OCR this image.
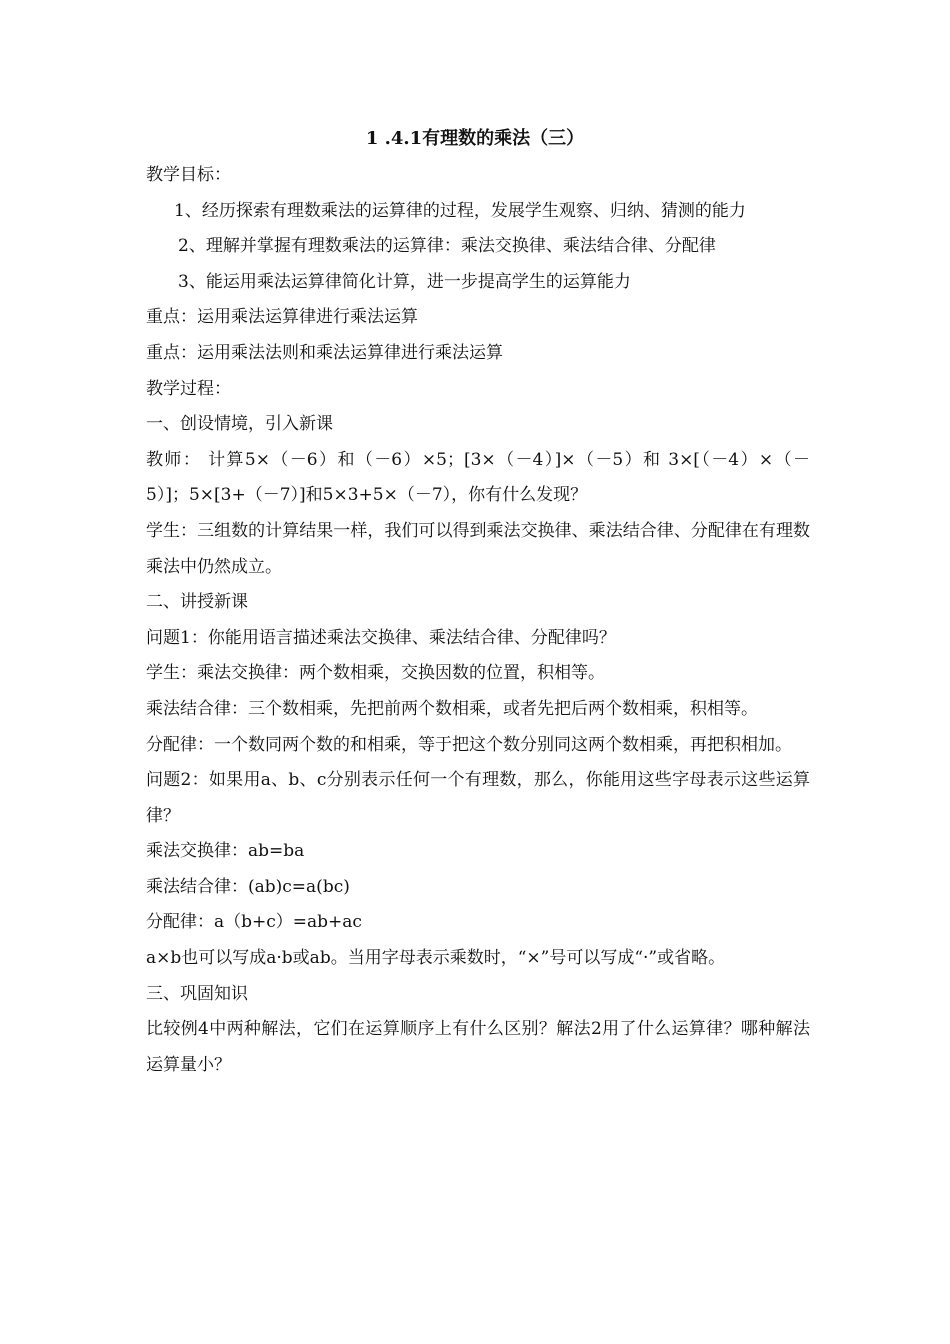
1 .4.1有理数的乘法（三）

教学目标：

1、经历探索有理数乘法的运算律的过程，发展学生观察、归纳、猜测的能力

2、理解并掌握有理数乘法的运算律：乘法交换律、乘法结合律、分配律

3、能运用乘法运算律简化计算，进一步提高学生的运算能力

重点：运用乘法运算律进行乘法运算

重点：运用乘法法则和乘法运算律进行乘法运算

教学过程：

一、创设情境，引入新课

教师： 计算5×（－6）和（－6）×5；[3×（－4）]×（－5）和 3×[（－4）×（－5）]；5×[3+（－7）]和5×3+5×（－7），你有什么发现？

学生：三组数的计算结果一样，我们可以得到乘法交换律、乘法结合律、分配律在有理数乘法中仍然成立。

二、讲授新课

问题1：你能用语言描述乘法交换律、乘法结合律、分配律吗？

学生：乘法交换律：两个数相乘，交换因数的位置，积相等。

乘法结合律：三个数相乘，先把前两个数相乘，或者先把后两个数相乘，积相等。

分配律：一个数同两个数的和相乘，等于把这个数分别同这两个数相乘，再把积相加。

问题2：如果用a、b、c分别表示任何一个有理数，那么，你能用这些字母表示这些运算律？

乘法交换律：ab=ba

乘法结合律：(ab)c=a(bc)

分配律：a（b+c）=ab+ac

a×b也可以写成a·b或ab。当用字母表示乘数时，“×”号可以写成“·”或省略。

三、巩固知识

比较例4中两种解法，它们在运算顺序上有什么区别？解法2用了什么运算律？哪种解法运算量小？
